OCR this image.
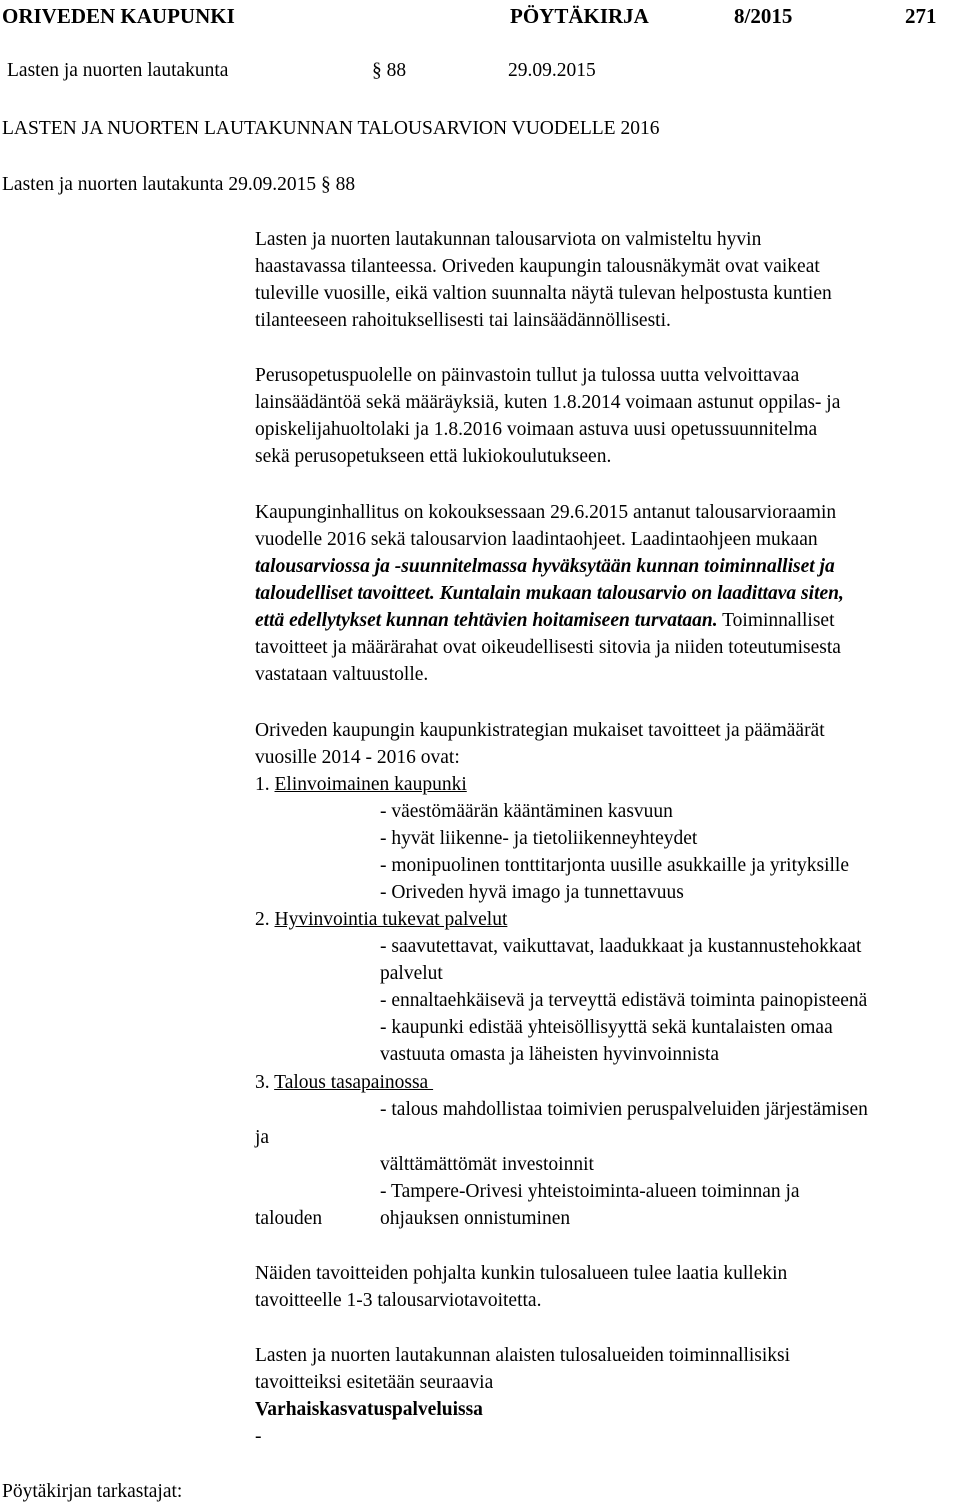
ORIVEDEN KAUPUNKI	PÖYTÄKIRJA	8/2015	271
Lasten ja nuorten lautakunta	§ 88	29.09.2015
LASTEN JA NUORTEN LAUTAKUNNAN TALOUSARVION VUODELLE 2016
Lasten ja nuorten lautakunta 29.09.2015 § 88
Lasten ja nuorten lautakunnan talousarviota on valmisteltu hyvin
haastavassa tilanteessa. Oriveden kaupungin talousnäkymät ovat vaikeat
tuleville vuosille, eikä valtion suunnalta näytä tulevan helpostusta kuntien
tilanteeseen rahoituksellisesti tai lainsäädännöllisesti.
Perusopetuspuolelle on päinvastoin tullut ja tulossa uutta velvoittavaa
lainsäädäntöä sekä määräyksiä, kuten 1.8.2014 voimaan astunut oppilas- ja
opiskelijahuoltolaki ja 1.8.2016 voimaan astuva uusi opetussuunnitelma
sekä perusopetukseen että lukiokoulutukseen.
Kaupunginhallitus on kokouksessaan 29.6.2015 antanut talousarvioraamin
vuodelle 2016 sekä talousarvion laadintaohjeet. Laadintaohjeen mukaan
talousarviossa ja -suunnitelmassa hyväksytään kunnan toiminnalliset ja
taloudelliset tavoitteet. Kuntalain mukaan talousarvio on laadittava siten,
että edellytykset kunnan tehtävien hoitamiseen turvataan. Toiminnalliset
tavoitteet ja määrärahat ovat oikeudellisesti sitovia ja niiden toteutumisesta
vastataan valtuustolle.
Oriveden kaupungin kaupunkistrategian mukaiset tavoitteet ja päämäärät
vuosille 2014 - 2016 ovat:
1. Elinvoimainen kaupunki
- väestömäärän kääntäminen kasvuun
- hyvät liikenne- ja tietoliikenneyhteydet
- monipuolinen tonttitarjonta uusille asukkaille ja yrityksille
- Oriveden hyvä imago ja tunnettavuus
2. Hyvinvointia tukevat palvelut
- saavutettavat, vaikuttavat, laadukkaat ja kustannustehokkaat
palvelut
- ennaltaehkäisevä ja terveyttä edistävä toiminta painopisteenä
- kaupunki edistää yhteisöllisyyttä sekä kuntalaisten omaa
vastuuta omasta ja läheisten hyvinvoinnista
3. Talous tasapainossa
- talous mahdollistaa toimivien peruspalveluiden järjestämisen
ja
välttämättömät investoinnit
- Tampere-Orivesi yhteistoiminta-alueen toiminnan ja
talouden	ohjauksen onnistuminen
Näiden tavoitteiden pohjalta kunkin tulosalueen tulee laatia kullekin
tavoitteelle 1-3 talousarviotavoitetta.
Lasten ja nuorten lautakunnan alaisten tulosalueiden toiminnallisiksi
tavoitteiksi esitetään seuraavia
Varhaiskasvatuspalveluissa
-
Pöytäkirjan tarkastajat:
